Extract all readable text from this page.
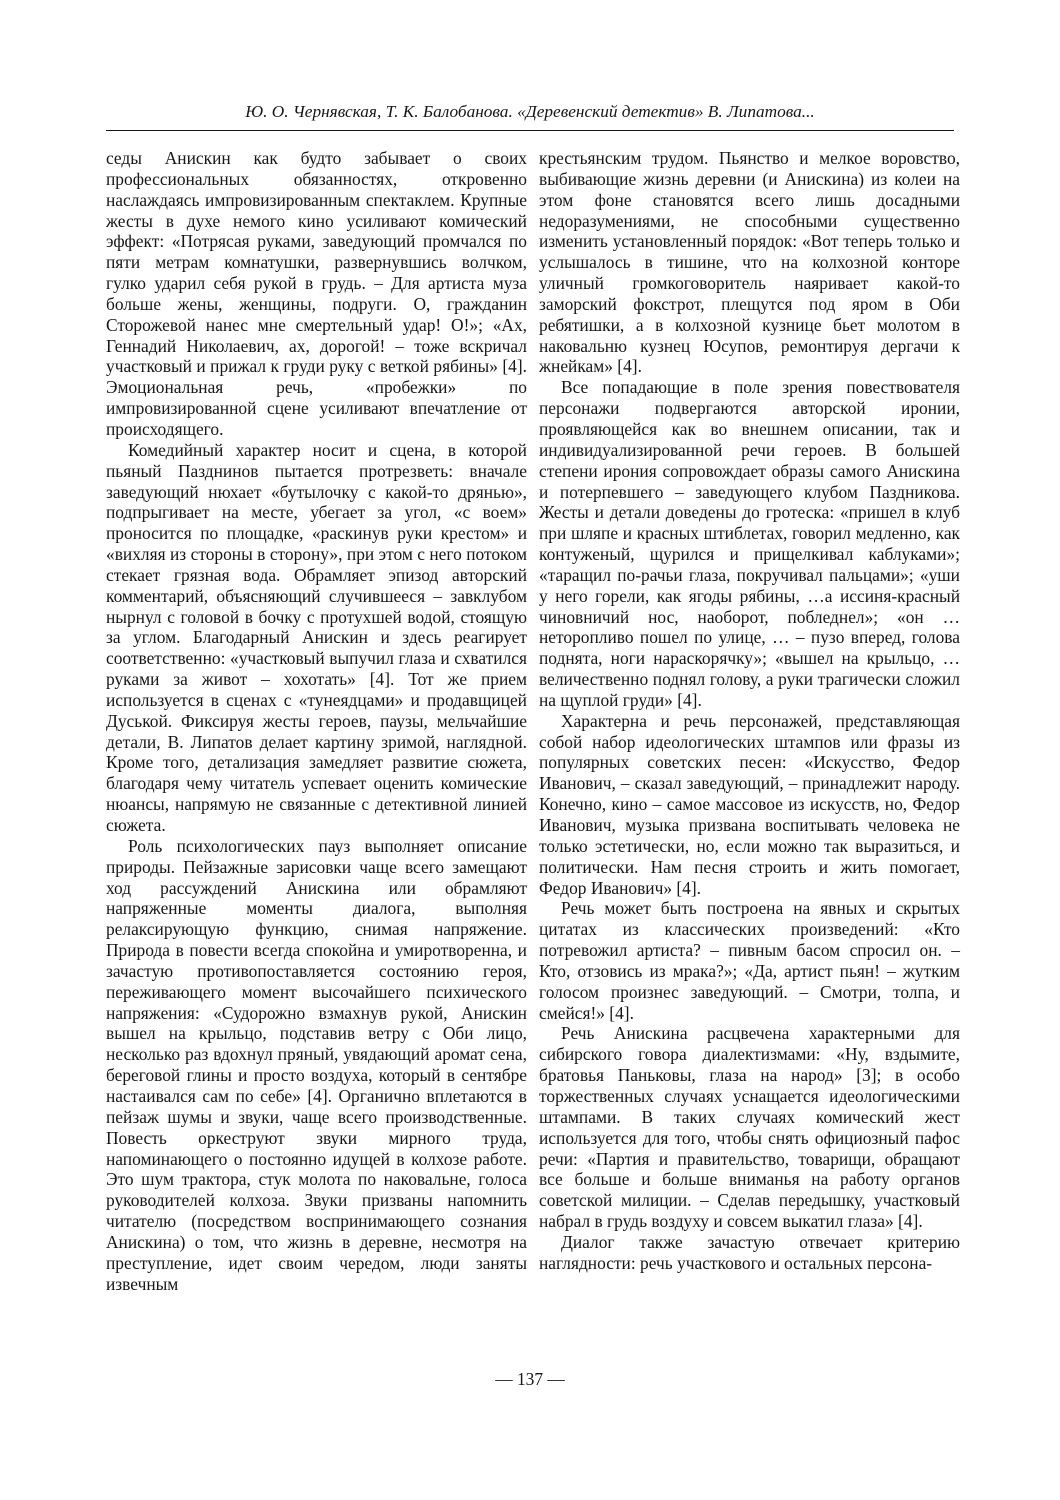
Ю. О. Чернявская, Т. К. Балобанова. «Деревенский детектив» В. Липатова...

седы Анискин как будто забывает о своих профессиональных обязанностях, откровенно наслаждаясь импровизированным спектаклем. Крупные жесты в духе немого кино усиливают комический эффект: «Потрясая руками, заведующий промчался по пяти метрам комнатушки, развернувшись волчком, гулко ударил себя рукой в грудь. – Для артиста муза больше жены, женщины, подруги. О, гражданин Сторожевой нанес мне смертельный удар! О!»; «Ах, Геннадий Николаевич, ах, дорогой! – тоже вскричал участковый и прижал к груди руку с веткой рябины» [4]. Эмоциональная речь, «пробежки» по импровизированной сцене усиливают впечатление от происходящего.

Комедийный характер носит и сцена, в которой пьяный Пазднинов пытается протрезветь: вначале заведующий нюхает «бутылочку с какой-то дрянью», подпрыгивает на месте, убегает за угол, «с воем» проносится по площадке, «раскинув руки крестом» и «вихляя из стороны в сторону», при этом с него потоком стекает грязная вода. Обрамляет эпизод авторский комментарий, объясняющий случившееся – завклубом нырнул с головой в бочку с протухшей водой, стоящую за углом. Благодарный Анискин и здесь реагирует соответственно: «участковый выпучил глаза и схватился руками за живот – хохотать» [4]. Тот же прием используется в сценах с «тунеядцами» и продавщицей Дуськой. Фиксируя жесты героев, паузы, мельчайшие детали, В. Липатов делает картину зримой, наглядной. Кроме того, детализация замедляет развитие сюжета, благодаря чему читатель успевает оценить комические нюансы, напрямую не связанные с детективной линией сюжета.

Роль психологических пауз выполняет описание природы. Пейзажные зарисовки чаще всего замещают ход рассуждений Анискина или обрамляют напряженные моменты диалога, выполняя релаксирующую функцию, снимая напряжение. Природа в повести всегда спокойна и умиротворенна, и зачастую противопоставляется состоянию героя, переживающего момент высочайшего психического напряжения: «Судорожно взмахнув рукой, Анискин вышел на крыльцо, подставив ветру с Оби лицо, несколько раз вдохнул пряный, увядающий аромат сена, береговой глины и просто воздуха, который в сентябре настаивался сам по себе» [4]. Органично вплетаются в пейзаж шумы и звуки, чаще всего производственные. Повесть оркеструют звуки мирного труда, напоминающего о постоянно идущей в колхозе работе. Это шум трактора, стук молота по наковальне, голоса руководителей колхоза. Звуки призваны напомнить читателю (посредством воспринимающего сознания Анискина) о том, что жизнь в деревне, несмотря на преступление, идет своим чередом, люди заняты извечным

крестьянским трудом. Пьянство и мелкое воровство, выбивающие жизнь деревни (и Анискина) из колеи на этом фоне становятся всего лишь досадными недоразумениями, не способными существенно изменить установленный порядок: «Вот теперь только и услышалось в тишине, что на колхозной конторе уличный громкоговоритель наяривает какой-то заморский фокстрот, плещутся под яром в Оби ребятишки, а в колхозной кузнице бьет молотом в наковальню кузнец Юсупов, ремонтируя дергачи к жнейкам» [4].

Все попадающие в поле зрения повествователя персонажи подвергаются авторской иронии, проявляющейся как во внешнем описании, так и индивидуализированной речи героев. В большей степени ирония сопровождает образы самого Анискина и потерпевшего – заведующего клубом Паздникова. Жесты и детали доведены до гротеска: «пришел в клуб при шляпе и красных штиблетах, говорил медленно, как контуженый, щурился и прищелкивал каблуками»; «таращил по-рачьи глаза, покручивал пальцами»; «уши у него горели, как ягоды рябины, …а иссиня-красный чиновничий нос, наоборот, побледнел»; «он … неторопливо пошел по улице, … – пузо вперед, голова поднята, ноги нараскорячку»; «вышел на крыльцо, … величественно поднял голову, а руки трагически сложил на щуплой груди» [4].

Характерна и речь персонажей, представляющая собой набор идеологических штампов или фразы из популярных советских песен: «Искусство, Федор Иванович, – сказал заведующий, – принадлежит народу. Конечно, кино – самое массовое из искусств, но, Федор Иванович, музыка призвана воспитывать человека не только эстетически, но, если можно так выразиться, и политически. Нам песня строить и жить помогает, Федор Иванович» [4].

Речь может быть построена на явных и скрытых цитатах из классических произведений: «Кто потревожил артиста? – пивным басом спросил он. – Кто, отзовись из мрака?»; «Да, артист пьян! – жутким голосом произнес заведующий. – Смотри, толпа, и смейся!» [4].

Речь Анискина расцвечена характерными для сибирского говора диалектизмами: «Ну, вздымите, братовья Паньковы, глаза на народ» [3]; в особо торжественных случаях уснащается идеологическими штампами. В таких случаях комический жест используется для того, чтобы снять официозный пафос речи: «Партия и правительство, товарищи, обращают все больше и больше вниманья на работу органов советской милиции. – Сделав передышку, участковый набрал в грудь воздуху и совсем выкатил глаза» [4].

Диалог также зачастую отвечает критерию наглядности: речь участкового и остальных персона-

— 137 —
